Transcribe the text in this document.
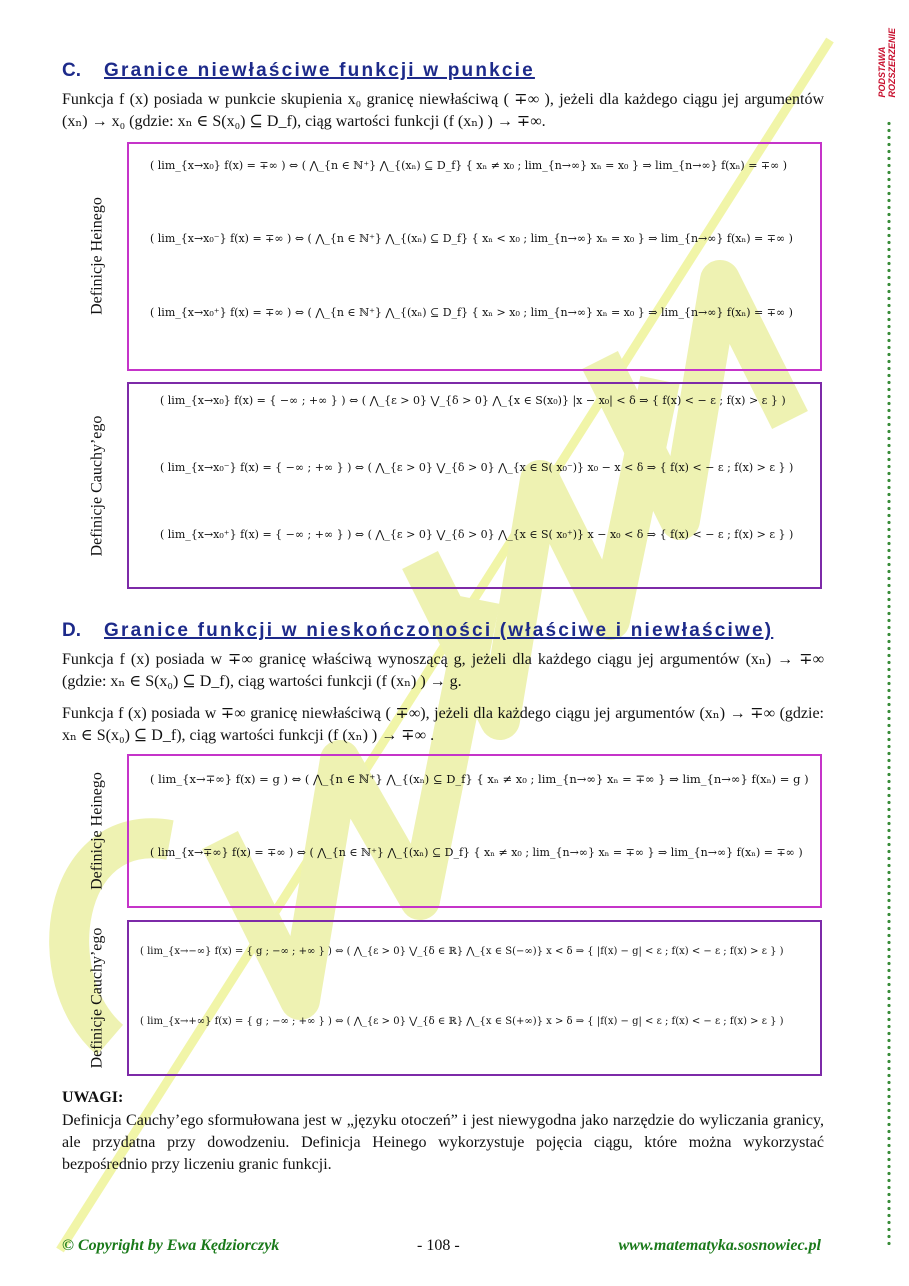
PODSTAWA ROZSZERZENIE
C. Granice niewłaściwe funkcji w punkcie
Funkcja f (x) posiada w punkcie skupienia x₀ granicę niewłaściwą ( ∓∞ ), jeżeli dla każdego ciągu jej argumentów (xₙ) → x₀ (gdzie: xₙ ∈ S(x₀) ⊆ D_f), ciąg wartości funkcji (f (xₙ) ) → ∓∞.
Definicje Heinego
( lim_{x→x₀} f(x) = ∓∞ ) ⇔ ( ⋀_{n ∈ ℕ⁺} ⋀_{(xₙ) ⊆ D_f} { xₙ ≠ x₀ ; lim_{n→∞} xₙ = x₀ } ⇒ lim_{n→∞} f(xₙ) = ∓∞ )
( lim_{x→x₀⁻} f(x) = ∓∞ ) ⇔ ( ⋀_{n ∈ ℕ⁺} ⋀_{(xₙ) ⊆ D_f} { xₙ < x₀ ; lim_{n→∞} xₙ = x₀ } ⇒ lim_{n→∞} f(xₙ) = ∓∞ )
( lim_{x→x₀⁺} f(x) = ∓∞ ) ⇔ ( ⋀_{n ∈ ℕ⁺} ⋀_{(xₙ) ⊆ D_f} { xₙ > x₀ ; lim_{n→∞} xₙ = x₀ } ⇒ lim_{n→∞} f(xₙ) = ∓∞ )
Definicje Cauchy’ego
( lim_{x→x₀} f(x) = { −∞ ; +∞ } ) ⇔ ( ⋀_{ε > 0} ⋁_{δ > 0} ⋀_{x ∈ S(x₀)} |x − x₀| < δ ⇒ { f(x) < − ε ; f(x) > ε } )
( lim_{x→x₀⁻} f(x) = { −∞ ; +∞ } ) ⇔ ( ⋀_{ε > 0} ⋁_{δ > 0} ⋀_{x ∈ S( x₀⁻)} x₀ − x < δ ⇒ { f(x) < − ε ; f(x) > ε } )
( lim_{x→x₀⁺} f(x) = { −∞ ; +∞ } ) ⇔ ( ⋀_{ε > 0} ⋁_{δ > 0} ⋀_{x ∈ S( x₀⁺)} x − x₀ < δ ⇒ { f(x) < − ε ; f(x) > ε } )
D. Granice funkcji w nieskończoności (właściwe i niewłaściwe)
Funkcja f (x) posiada w ∓∞ granicę właściwą wynoszącą g, jeżeli dla każdego ciągu jej argumentów (xₙ) → ∓∞ (gdzie: xₙ ∈ S(x₀) ⊆ D_f), ciąg wartości funkcji (f (xₙ) ) → g.
Funkcja f (x) posiada w ∓∞ granicę niewłaściwą ( ∓∞), jeżeli dla każdego ciągu jej argumentów (xₙ) → ∓∞ (gdzie: xₙ ∈ S(x₀) ⊆ D_f), ciąg wartości funkcji (f (xₙ) ) → ∓∞ .
Definicje Heinego	( lim_{x→∓∞} f(x) = g ) ⇔ ( ⋀_{n ∈ ℕ⁺} ⋀_{(xₙ) ⊆ D_f} { xₙ ≠ x₀ ; lim_{n→∞} xₙ = ∓∞ } ⇒ lim_{n→∞} f(xₙ) = g )
( lim_{x→∓∞} f(x) = ∓∞ ) ⇔ ( ⋀_{n ∈ ℕ⁺} ⋀_{(xₙ) ⊆ D_f} { xₙ ≠ x₀ ; lim_{n→∞} xₙ = ∓∞ } ⇒ lim_{n→∞} f(xₙ) = ∓∞ )
Definicje Cauchy’ego	( lim_{x→−∞} f(x) = { g ; −∞ ; +∞ } ) ⇔ ( ⋀_{ε > 0} ⋁_{δ ∈ ℝ} ⋀_{x ∈ S(−∞)} x < δ ⇒ { |f(x) − g| < ε ; f(x) < − ε ; f(x) > ε } )
( lim_{x→+∞} f(x) = { g ; −∞ ; +∞ } ) ⇔ ( ⋀_{ε > 0} ⋁_{δ ∈ ℝ} ⋀_{x ∈ S(+∞)} x > δ ⇒ { |f(x) − g| < ε ; f(x) < − ε ; f(x) > ε } )
UWAGI:
Definicja Cauchy’ego sformułowana jest w „języku otoczeń” i jest niewygodna jako narzędzie do wyliczania granicy, ale przydatna przy dowodzeniu. Definicja Heinego wykorzystuje pojęcia ciągu, które można wykorzystać bezpośrednio przy liczeniu granic funkcji.
© Copyright by Ewa Kędziorczyk	- 108 -	www.matematyka.sosnowiec.pl
